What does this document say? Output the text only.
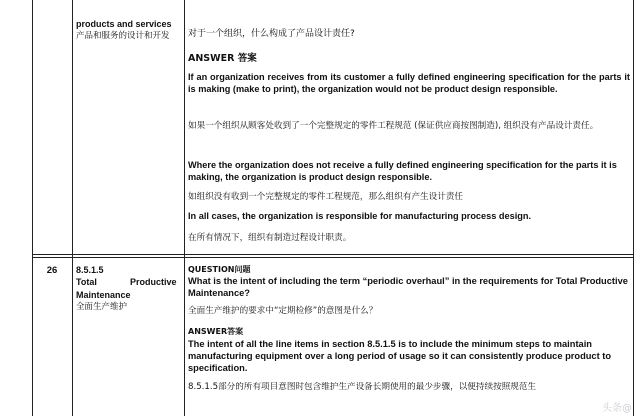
products and services
产品和服务的设计和开发 对于一个组织，什么构成了产品设计责任?

ANSWER 答案

If an organization receives from its customer a fully defined engineering specification for the parts it is making (make to print), the organization would not be product design responsible.

如果一个组织从顾客处收到了一个完整规定的零件工程规范 (保证供应商按图制造), 组织没有产品设计责任。

Where the organization does not receive a fully defined engineering specification for the parts it is making, the organization is product design responsible.

如组织没有收到一个完整规定的零件工程规范，那么组织有产生设计责任

In all cases, the organization is responsible for manufacturing process design.

在所有情况下，组织有制造过程设计职责。

26	8.5.1.5
Total	Productive
Maintenance
全面生产维护

QUESTION问题

What is the intent of including the term “periodic overhaul” in the requirements for Total Productive Maintenance?

全面生产维护的要求中“定期检修”的意图是什么？

ANSWER答案

The intent of all the line items in section 8.5.1.5 is to include the minimum steps to maintain manufacturing equipment over a long period of usage so it can consistently produce product to specification.

8.5.1.5部分的所有项目意图时包含维护生产设备长期使用的最少步骤，以便持续按照规范生

头条@
